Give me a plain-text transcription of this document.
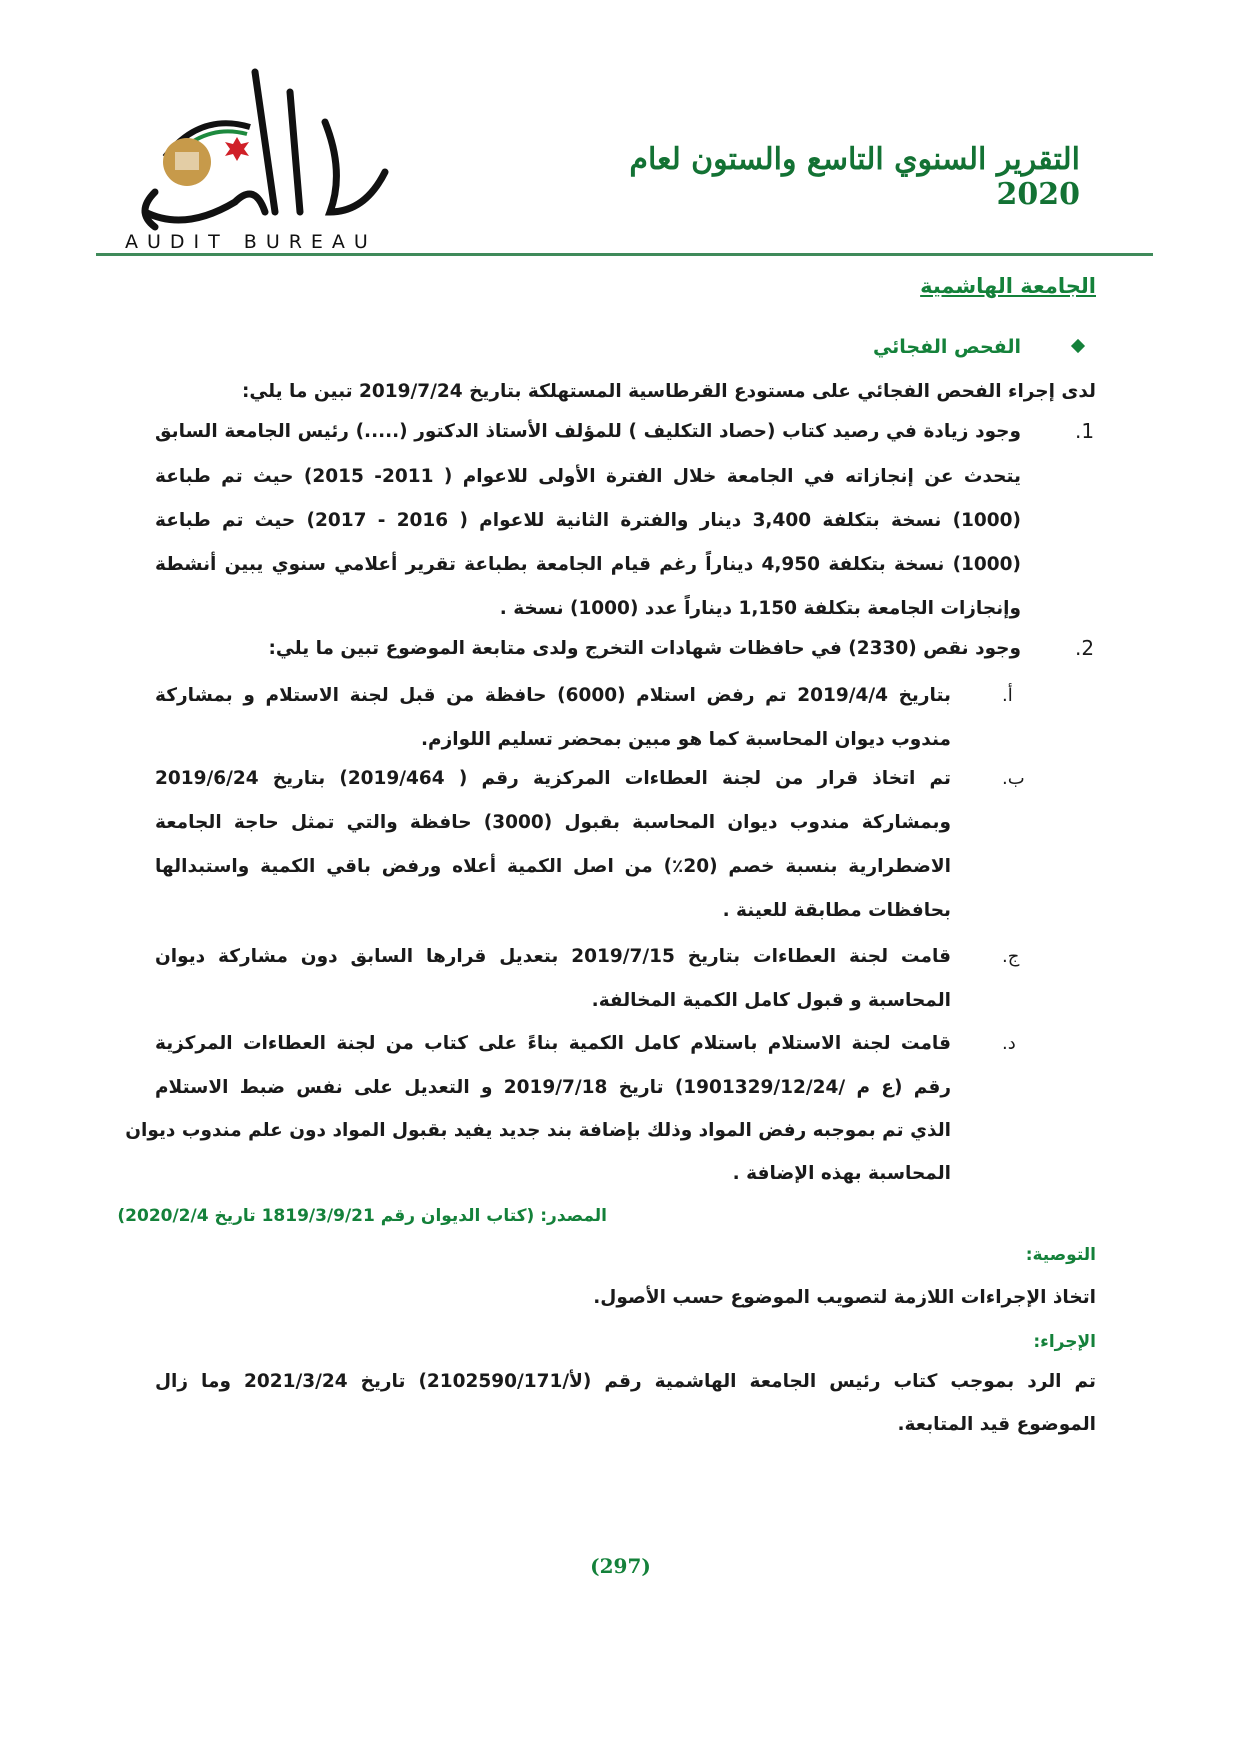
AUDIT BUREAU
التقرير السنوي التاسع والستون لعام 2020
الجامعة الهاشمية
الفحص الفجائي
لدى إجراء الفحص الفجائي على مستودع القرطاسية المستهلكة بتاريخ 2019/7/24 تبين ما يلي:
1.
وجود زيادة في رصيد كتاب (حصاد التكليف ) للمؤلف الأستاذ الدكتور (.....) رئيس الجامعة السابق
يتحدث عن إنجازاته في الجامعة خلال الفترة الأولى للاعوام ( 2011- 2015) حيث تم طباعة
(1000) نسخة بتكلفة 3,400 دينار والفترة الثانية للاعوام ( 2016 - 2017) حيث تم طباعة
(1000) نسخة بتكلفة 4,950 ديناراً رغم قيام الجامعة بطباعة تقرير أعلامي سنوي يبين أنشطة
وإنجازات الجامعة بتكلفة 1,150 ديناراً عدد (1000) نسخة .
2.
وجود نقص (2330) في حافظات شهادات التخرج ولدى متابعة الموضوع تبين ما يلي:
أ.
بتاريخ 2019/4/4 تم رفض استلام (6000) حافظة من قبل لجنة الاستلام و بمشاركة
مندوب ديوان المحاسبة كما هو مبين بمحضر تسليم اللوازم.
ب.
تم اتخاذ قرار من لجنة العطاءات المركزية رقم ( 2019/464) بتاريخ 2019/6/24
وبمشاركة مندوب ديوان المحاسبة بقبول (3000) حافظة والتي تمثل حاجة الجامعة
الاضطرارية بنسبة خصم (20٪) من اصل الكمية أعلاه ورفض باقي الكمية واستبدالها
بحافظات مطابقة للعينة .
ج.
قامت لجنة العطاءات بتاريخ 2019/7/15 بتعديل قرارها السابق دون مشاركة ديوان
المحاسبة و قبول كامل الكمية المخالفة.
د.
قامت لجنة الاستلام باستلام كامل الكمية بناءً على كتاب من لجنة العطاءات المركزية
رقم (ع م /1901329/12/24) تاريخ 2019/7/18 و التعديل على نفس ضبط الاستلام
الذي تم بموجبه رفض المواد وذلك بإضافة بند جديد يفيد بقبول المواد دون علم مندوب ديوان
المحاسبة بهذه الإضافة .
المصدر: (كتاب الديوان رقم 1819/3/9/21 تاريخ 2020/2/4)
التوصية:
اتخاذ الإجراءات اللازمة لتصويب الموضوع حسب الأصول.
الإجراء:
تم الرد بموجب كتاب رئيس الجامعة الهاشمية رقم (لأ/2102590/171) تاريخ 2021/3/24 وما زال
الموضوع قيد المتابعة.
(297)
